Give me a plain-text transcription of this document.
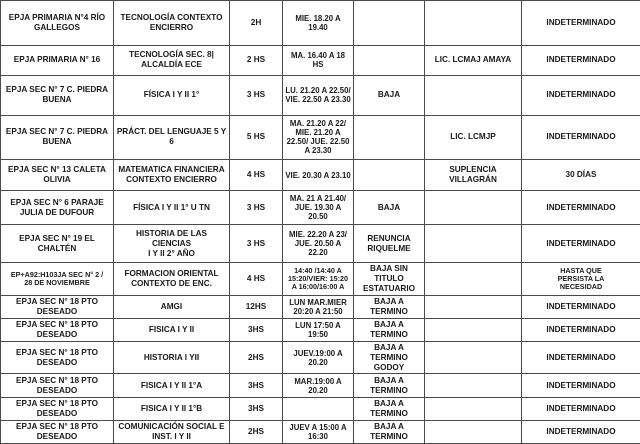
EPJA PRIMARIA N°4 RÍO
GALLEGOS	TECNOLOGÍA CONTEXTO
ENCIERRO	2H	MIE. 18.20 A
19.40			INDETERMINADO
EPJA PRIMARIA N° 16	TECNOLOGÍA SEC. 8|
ALCALDÍA ECE	2 HS	MA. 16.40 A 18
HS		LIC. LCMAJ AMAYA	INDETERMINADO
EPJA SEC N° 7 C. PIEDRA
BUENA	FÍSICA I Y II 1°	3 HS	LU. 21.20 A 22.50/
VIE. 22.50 A 23.30	BAJA		INDETERMINADO
EPJA SEC N° 7 C. PIEDRA
BUENA	PRÁCT. DEL LENGUAJE 5 Y
6	5 HS	MA. 21.20 A 22/
MIE. 21.20 A
22.50/ JUE. 22.50
A 23.30		LIC. LCMJP	INDETERMINADO
EPJA SEC N° 13 CALETA
OLIVIA	MATEMATICA FINANCIERA
CONTEXTO ENCIERRO	4 HS	VIE. 20.30 A 23.10		SUPLENCIA
VILLAGRÁN	30 DÍAS
EPJA SEC N° 6 PARAJE
JULIA DE DUFOUR	FÍSICA I Y II 1° U TN	3 HS	MA. 21 A 21.40/
JUE. 19.30 A
20.50	BAJA		INDETERMINADO
EPJA SEC N° 19 EL
CHALTÉN	HISTORIA DE LAS CIENCIAS
I Y II 2° AÑO	3 HS	MIE. 22.20 A 23/
JUE. 20.50 A
22.20	RENUNCIA
RIQUELME		INDETERMINADO
EP+A92:H103JA SEC N° 2 /
28 DE NOVIEMBRE	FORMACION ORIENTAL
CONTEXTO DE ENC.	4 HS	14:40 /14:40 A
15:20/VIER: 15:20
A 16:00/16:00 A	BAJA SIN TITULO
ESTATUARIO		HASTA QUE
PERSISTA LA
NECESIDAD
EPJA SEC N° 18 PTO
DESEADO	AMGI	12HS	LUN MAR.MIER
20:20 A 21:50	BAJA A TERMINO		INDETERMINADO
EPJA SEC N° 18 PTO
DESEADO	FISICA I Y II	3HS	LUN 17:50 A
19:50	BAJA A TERMINO		INDETERMINADO
EPJA SEC N° 18 PTO
DESEADO	HISTORIA I YII	2HS	JUEV.19:00 A
20.20	BAJA A TERMINO
GODOY		INDETERMINADO
EPJA SEC N° 18 PTO
DESEADO	FISICA I Y II 1°A	3HS	MAR.19:00 A
20.20	BAJA A TERMINO		INDETERMINADO
EPJA SEC N° 18 PTO
DESEADO	FISICA I Y II 1°B	3HS		BAJA A TERMINO		INDETERMINADO
EPJA SEC N° 18 PTO
DESEADO	COMUNICACIÓN SOCIAL E
INST. I Y II	2HS	JUEV A 15:00 A
16:30	BAJA A TERMINO		INDETERMINADO
